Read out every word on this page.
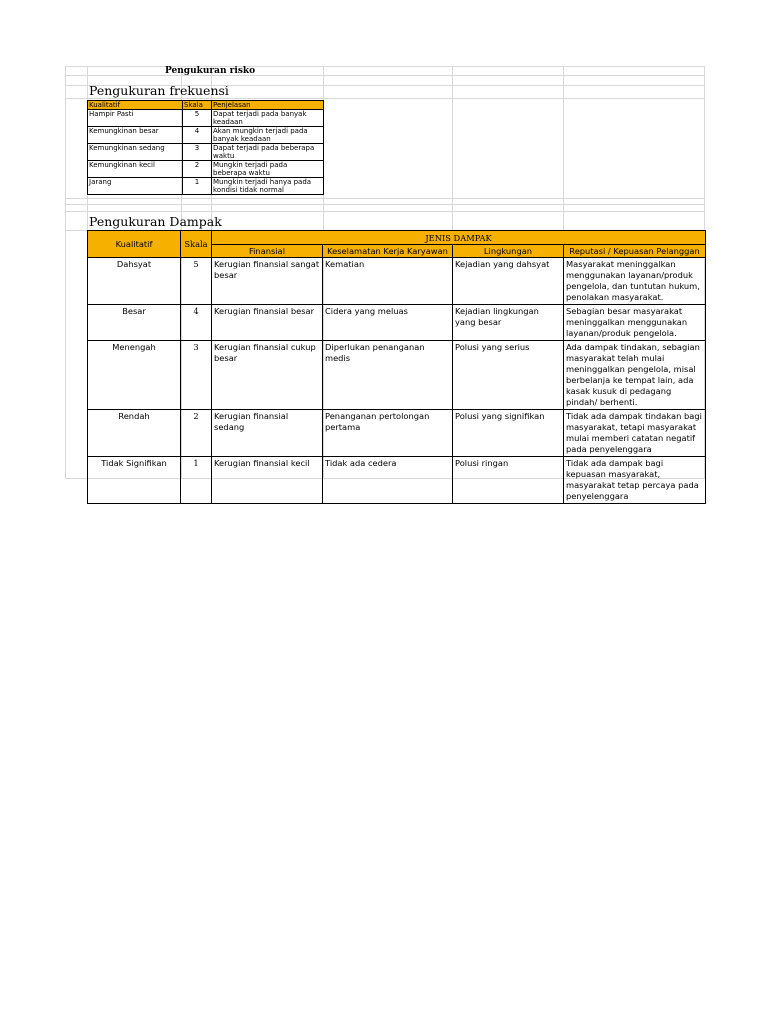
Pengukuran risko
Pengukuran frekuensi
Kualitatif	Skala	Penjelasan
Hampir Pasti	5	Dapat terjadi pada banyak keadaan
Kemungkinan besar	4	Akan mungkin terjadi pada banyak keadaan
Kemungkinan sedang	3	Dapat terjadi pada beberapa waktu
Kemungkinan kecil	2	Mungkin terjadi pada beberapa waktu
Jarang	1	Mungkin terjadi hanya pada kondisi tidak normal
Pengukuran Dampak
Kualitatif	Skala	JENIS DAMPAK			
		Finansial	Keselamatan Kerja Karyawan	Lingkungan	Reputasi / Kepuasan Pelanggan
Dahsyat	5	Kerugian finansial sangat besar	Kematian	Kejadian yang dahsyat	Masyarakat meninggalkan menggunakan layanan/produk pengelola, dan tuntutan hukum, penolakan masyarakat.
Besar	4	Kerugian finansial besar	Cidera yang meluas	Kejadian lingkungan yang besar	Sebagian besar masyarakat meninggalkan menggunakan layanan/produk pengelola.
Menengah	3	Kerugian finansial cukup besar	Diperlukan penanganan medis	Polusi yang serius	Ada dampak tindakan, sebagian masyarakat telah mulai meninggalkan pengelola, misal berbelanja ke tempat lain, ada kasak kusuk di pedagang pindah/ berhenti.
Rendah	2	Kerugian finansial sedang	Penanganan pertolongan pertama	Polusi yang signifikan	Tidak ada dampak tindakan bagi masyarakat, tetapi masyarakat mulai memberi catatan negatif pada penyelenggara
Tidak Signifikan	1	Kerugian finansial kecil	Tidak ada cedera	Polusi ringan	Tidak ada dampak bagi kepuasan masyarakat, masyarakat tetap percaya pada penyelenggara
